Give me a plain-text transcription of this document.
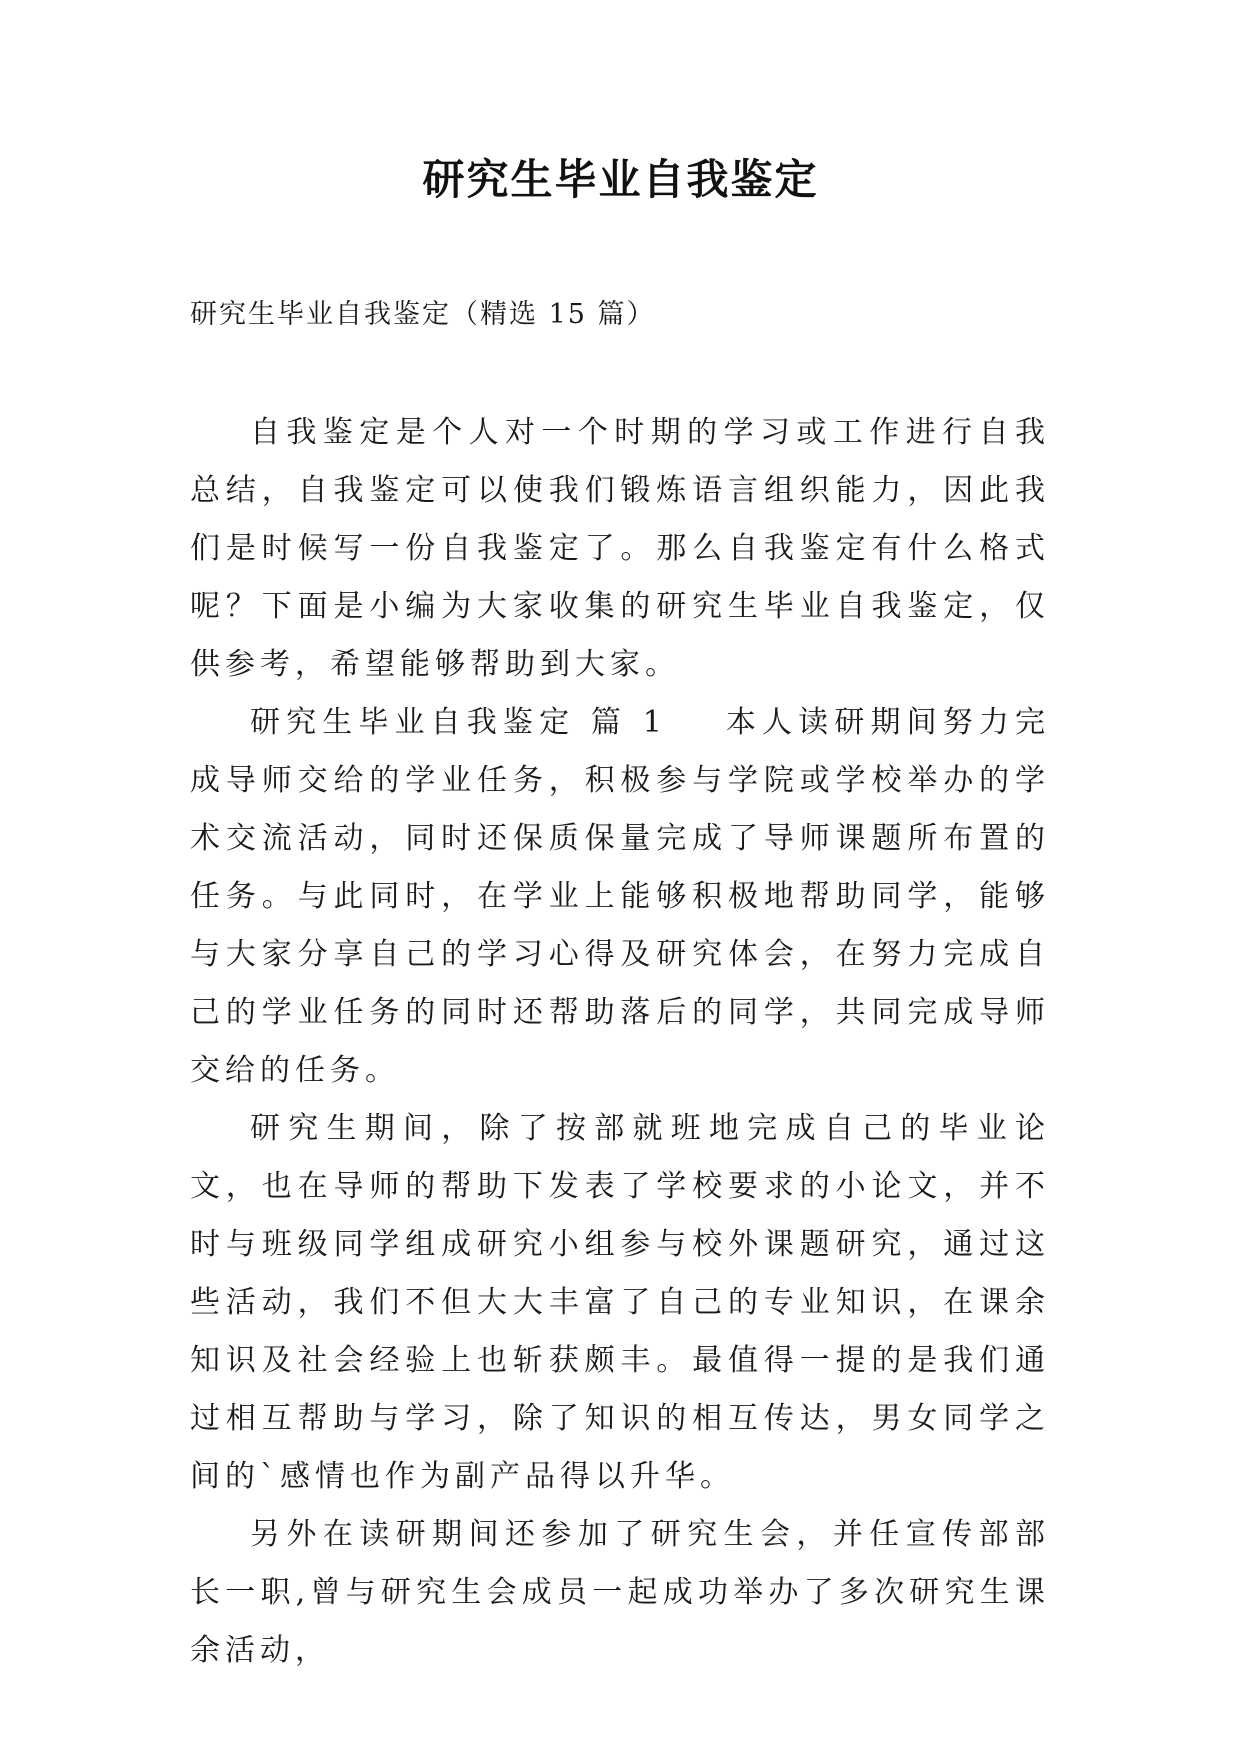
研究生毕业自我鉴定
研究生毕业自我鉴定（精选 15 篇）

自我鉴定是个人对一个时期的学习或工作进行自我总结，自我鉴定可以使我们锻炼语言组织能力，因此我们是时候写一份自我鉴定了。那么自我鉴定有什么格式呢？下面是小编为大家收集的研究生毕业自我鉴定，仅供参考，希望能够帮助到大家。

研究生毕业自我鉴定 篇 1 本人读研期间努力完成导师交给的学业任务，积极参与学院或学校举办的学术交流活动，同时还保质保量完成了导师课题所布置的任务。与此同时，在学业上能够积极地帮助同学，能够与大家分享自己的学习心得及研究体会，在努力完成自己的学业任务的同时还帮助落后的同学，共同完成导师交给的任务。

研究生期间，除了按部就班地完成自己的毕业论文，也在导师的帮助下发表了学校要求的小论文，并不时与班级同学组成研究小组参与校外课题研究，通过这些活动，我们不但大大丰富了自己的专业知识，在课余知识及社会经验上也斩获颇丰。最值得一提的是我们通过相互帮助与学习，除了知识的相互传达，男女同学之间的`感情也作为副产品得以升华。

另外在读研期间还参加了研究生会，并任宣传部部长一职,曾与研究生会成员一起成功举办了多次研究生课余活动，
